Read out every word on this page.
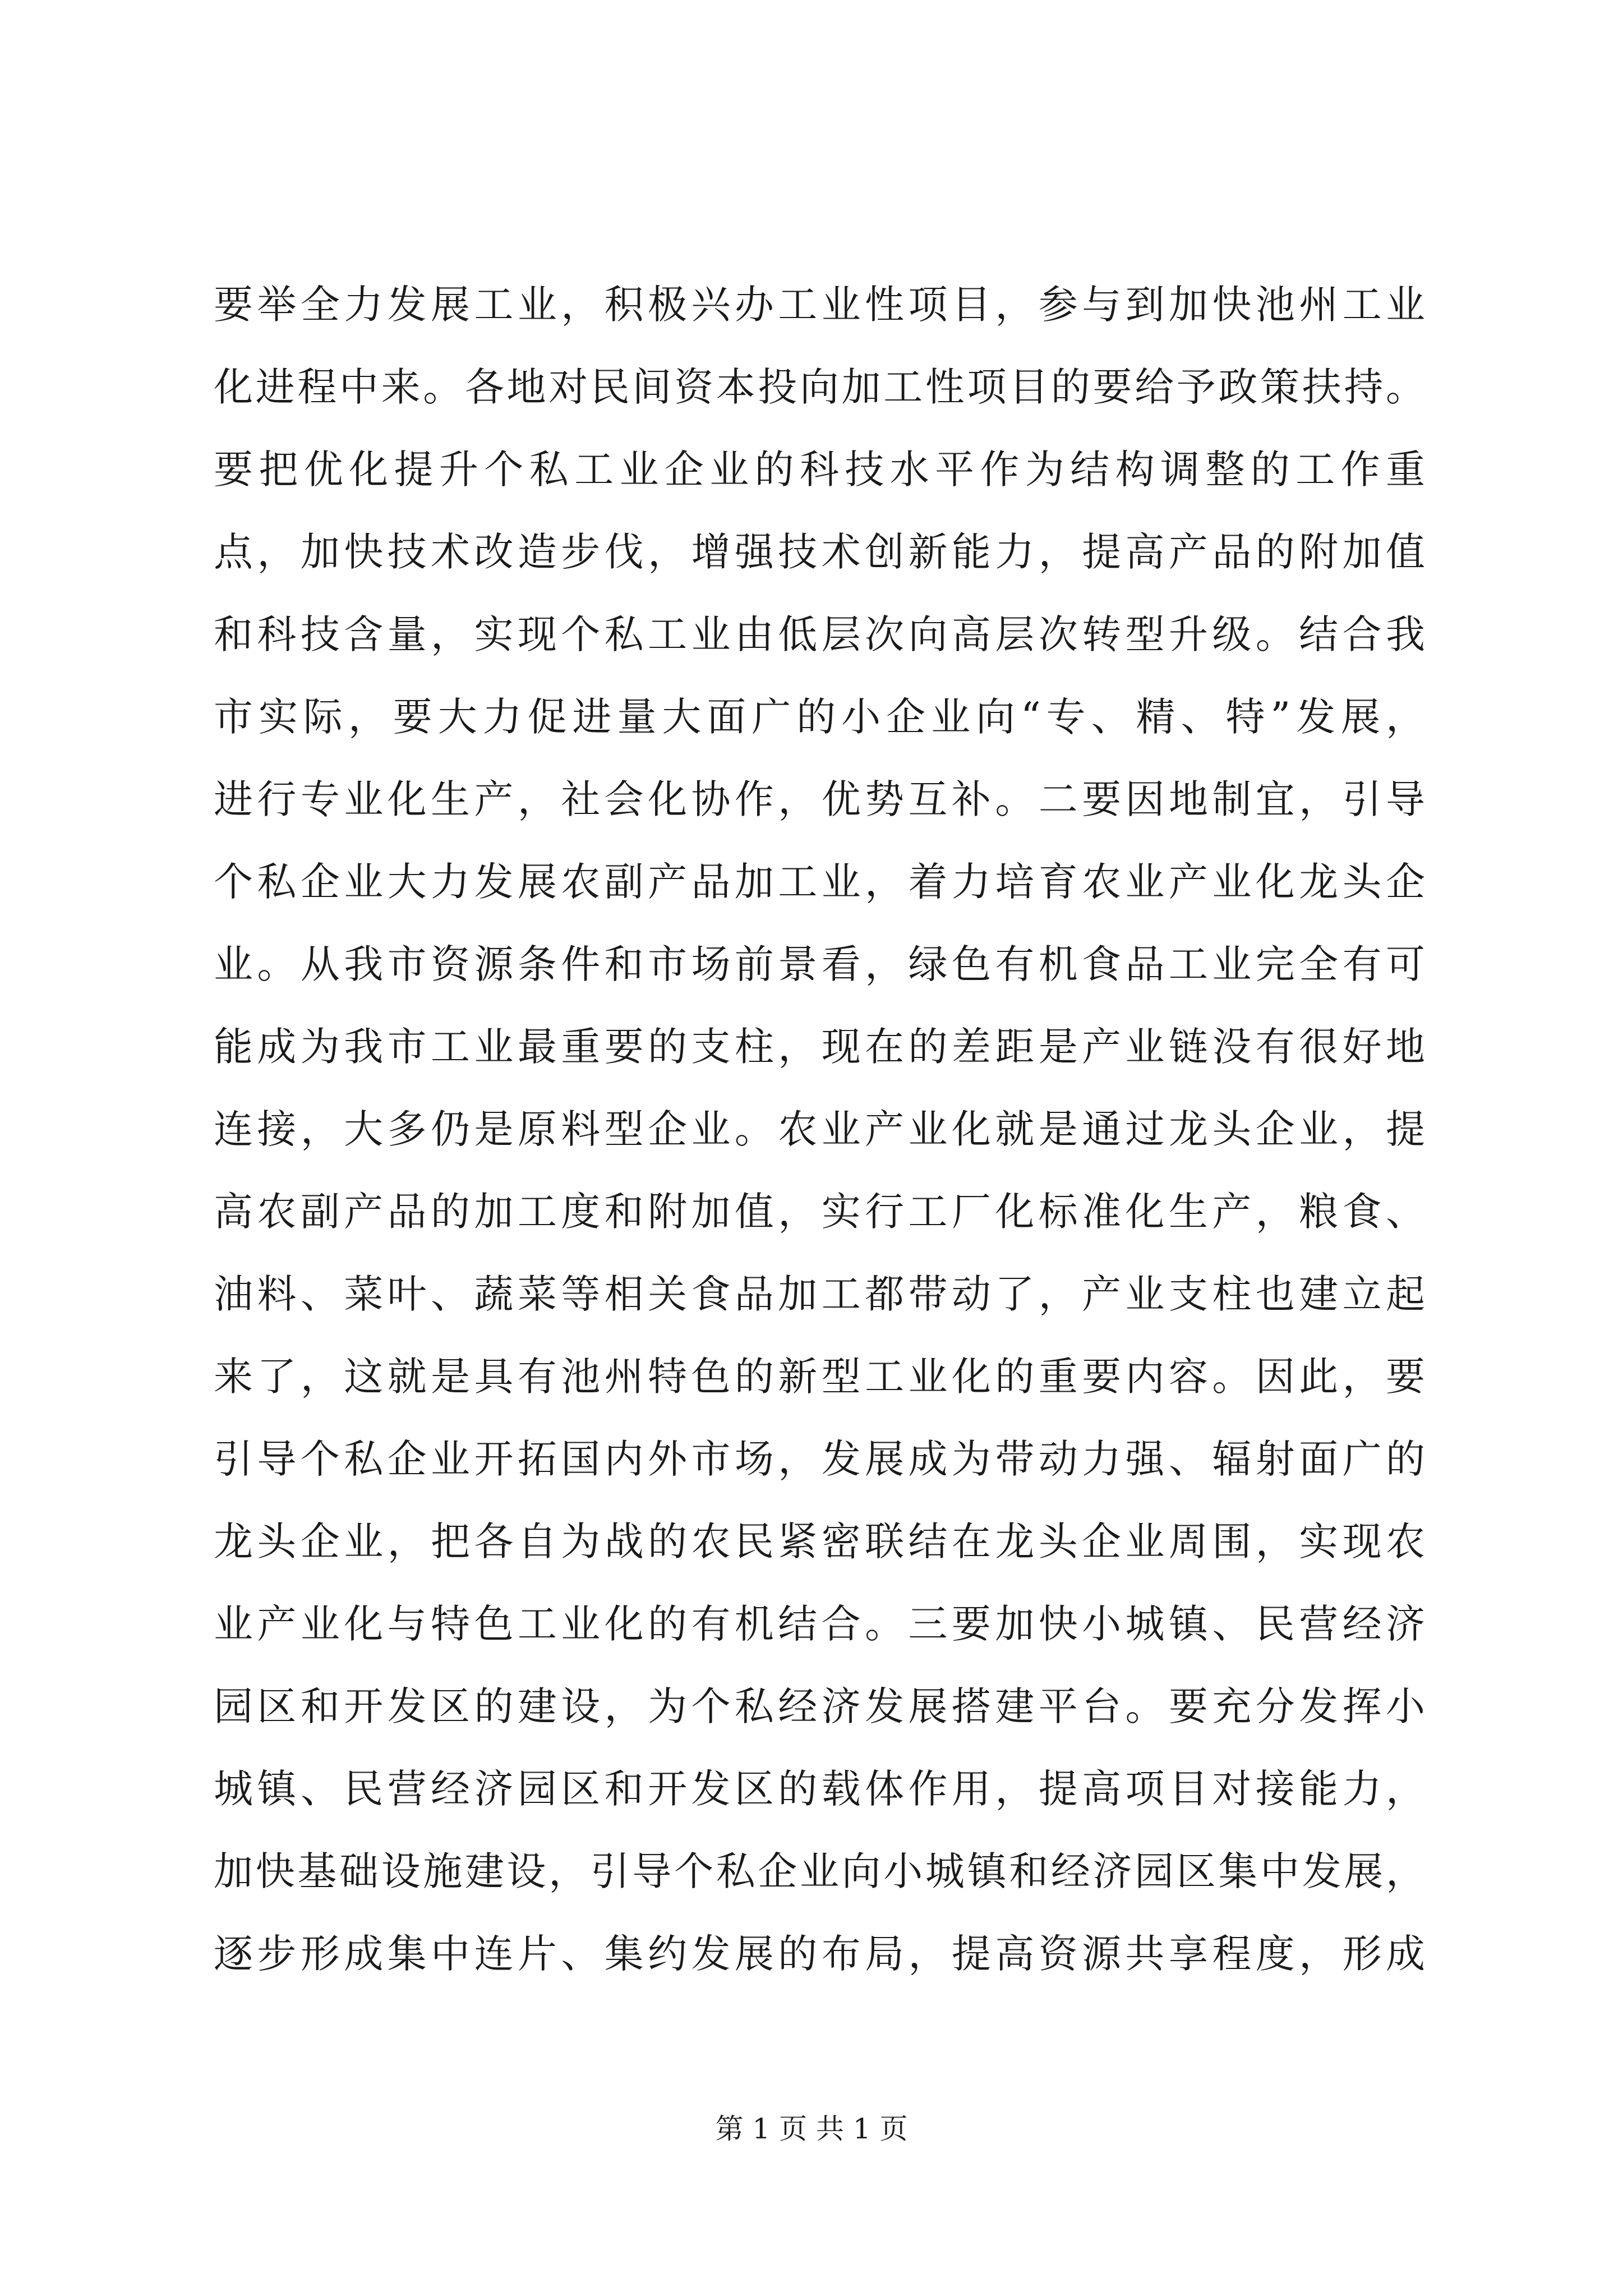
要举全力发展工业，积极兴办工业性项目，参与到加快池州工业
化进程中来。各地对民间资本投向加工性项目的要给予政策扶持。
要把优化提升个私工业企业的科技水平作为结构调整的工作重
点，加快技术改造步伐，增强技术创新能力，提高产品的附加值
和科技含量，实现个私工业由低层次向高层次转型升级。结合我
市实际，要大力促进量大面广的小企业向“专、精、特”发展，
进行专业化生产，社会化协作，优势互补。二要因地制宜，引导
个私企业大力发展农副产品加工业，着力培育农业产业化龙头企
业。从我市资源条件和市场前景看，绿色有机食品工业完全有可
能成为我市工业最重要的支柱，现在的差距是产业链没有很好地
连接，大多仍是原料型企业。农业产业化就是通过龙头企业，提
高农副产品的加工度和附加值，实行工厂化标准化生产，粮食、
油料、菜叶、蔬菜等相关食品加工都带动了，产业支柱也建立起
来了，这就是具有池州特色的新型工业化的重要内容。因此，要
引导个私企业开拓国内外市场，发展成为带动力强、辐射面广的
龙头企业，把各自为战的农民紧密联结在龙头企业周围，实现农
业产业化与特色工业化的有机结合。三要加快小城镇、民营经济
园区和开发区的建设，为个私经济发展搭建平台。要充分发挥小
城镇、民营经济园区和开发区的载体作用，提高项目对接能力，
加快基础设施建设，引导个私企业向小城镇和经济园区集中发展，
逐步形成集中连片、集约发展的布局，提高资源共享程度，形成
第 1 页 共 1 页
